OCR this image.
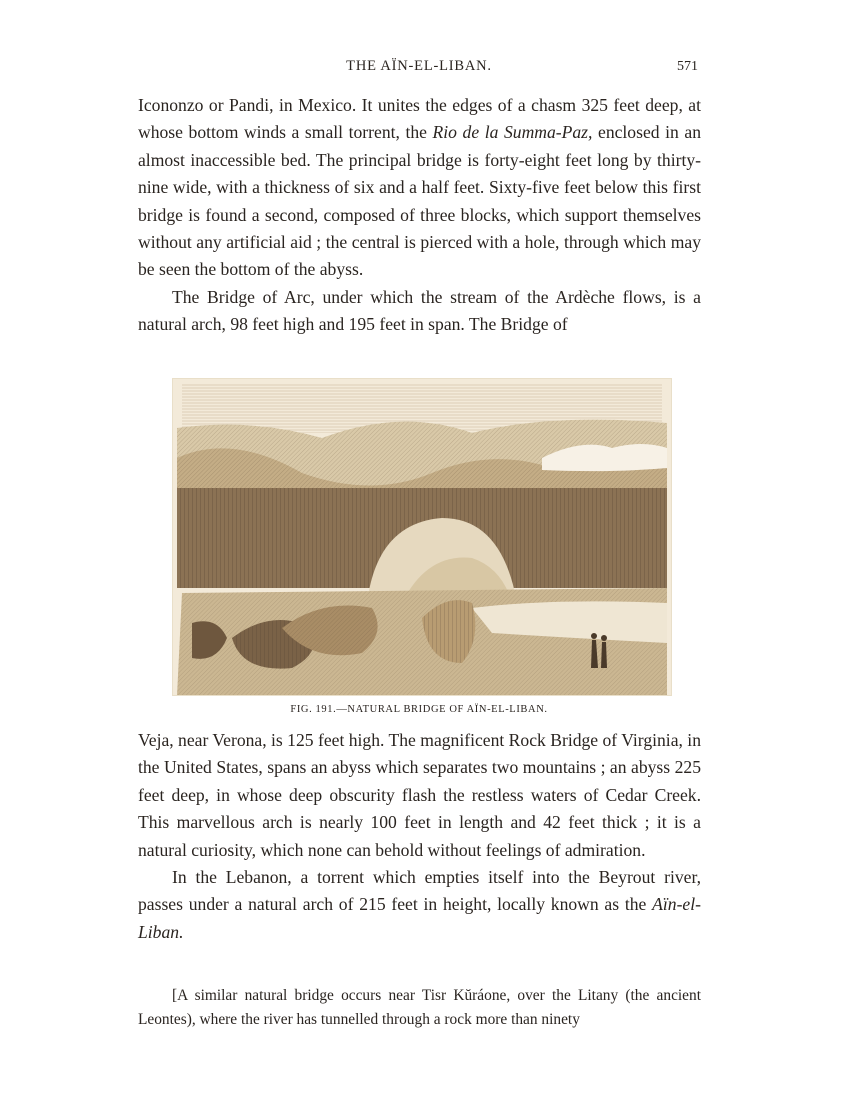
THE AÏN-EL-LIBAN.	571

Icononzo or Pandi, in Mexico. It unites the edges of a chasm 325 feet deep, at whose bottom winds a small torrent, the Rio de la Summa-Paz, enclosed in an almost inaccessible bed. The principal bridge is forty-eight feet long by thirty-nine wide, with a thickness of six and a half feet. Sixty-five feet below this first bridge is found a second, composed of three blocks, which support themselves without any artificial aid ; the central is pierced with a hole, through which may be seen the bottom of the abyss.

The Bridge of Arc, under which the stream of the Ardèche flows, is a natural arch, 98 feet high and 195 feet in span. The Bridge of

FIG. 191.—NATURAL BRIDGE OF AÏN-EL-LIBAN.

Veja, near Verona, is 125 feet high. The magnificent Rock Bridge of Virginia, in the United States, spans an abyss which separates two mountains ; an abyss 225 feet deep, in whose deep obscurity flash the restless waters of Cedar Creek. This marvellous arch is nearly 100 feet in length and 42 feet thick ; it is a natural curiosity, which none can behold without feelings of admiration.

In the Lebanon, a torrent which empties itself into the Beyrout river, passes under a natural arch of 215 feet in height, locally known as the Aïn-el-Liban.

[A similar natural bridge occurs near Tisr Kŭráone, over the Litany (the ancient Leontes), where the river has tunnelled through a rock more than ninety
